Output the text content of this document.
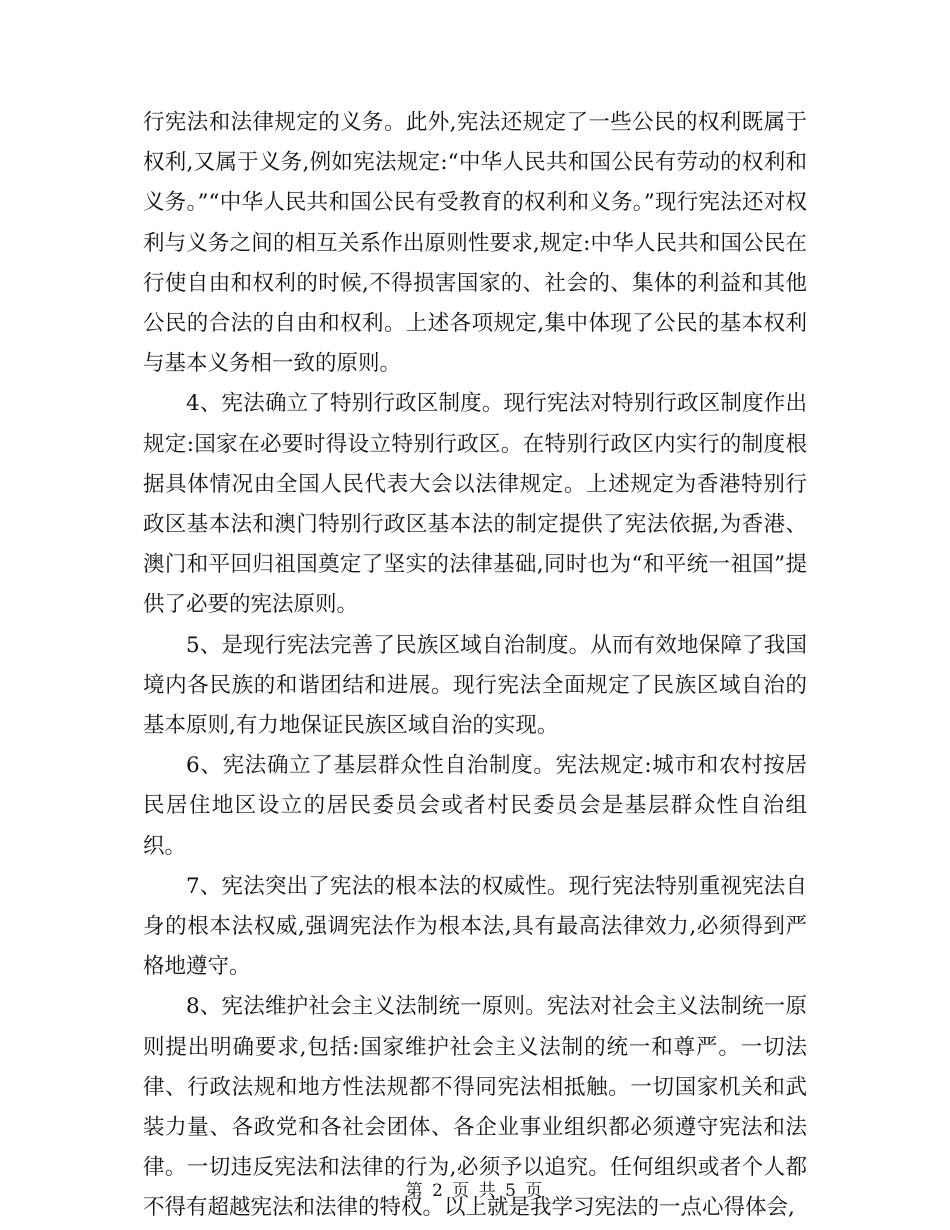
行宪法和法律规定的义务。此外,宪法还规定了一些公民的权利既属于权利,又属于义务,例如宪法规定:“中华人民共和国公民有劳动的权利和义务。”“中华人民共和国公民有受教育的权利和义务。”现行宪法还对权利与义务之间的相互关系作出原则性要求,规定:中华人民共和国公民在行使自由和权利的时候,不得损害国家的、社会的、集体的利益和其他公民的合法的自由和权利。上述各项规定,集中体现了公民的基本权利与基本义务相一致的原则。

4、宪法确立了特别行政区制度。现行宪法对特别行政区制度作出规定:国家在必要时得设立特别行政区。在特别行政区内实行的制度根据具体情况由全国人民代表大会以法律规定。上述规定为香港特别行政区基本法和澳门特别行政区基本法的制定提供了宪法依据,为香港、澳门和平回归祖国奠定了坚实的法律基础,同时也为“和平统一祖国”提供了必要的宪法原则。

5、是现行宪法完善了民族区域自治制度。从而有效地保障了我国境内各民族的和谐团结和进展。现行宪法全面规定了民族区域自治的基本原则,有力地保证民族区域自治的实现。

6、宪法确立了基层群众性自治制度。宪法规定:城市和农村按居民居住地区设立的居民委员会或者村民委员会是基层群众性自治组织。

7、宪法突出了宪法的根本法的权威性。现行宪法特别重视宪法自身的根本法权威,强调宪法作为根本法,具有最高法律效力,必须得到严格地遵守。

8、宪法维护社会主义法制统一原则。宪法对社会主义法制统一原则提出明确要求,包括:国家维护社会主义法制的统一和尊严。一切法律、行政法规和地方性法规都不得同宪法相抵触。一切国家机关和武装力量、各政党和各社会团体、各企业事业组织都必须遵守宪法和法律。一切违反宪法和法律的行为,必须予以追究。任何组织或者个人都不得有超越宪法和法律的特权。以上就是我学习宪法的一点心得体会,

第 2 页 共 5 页
